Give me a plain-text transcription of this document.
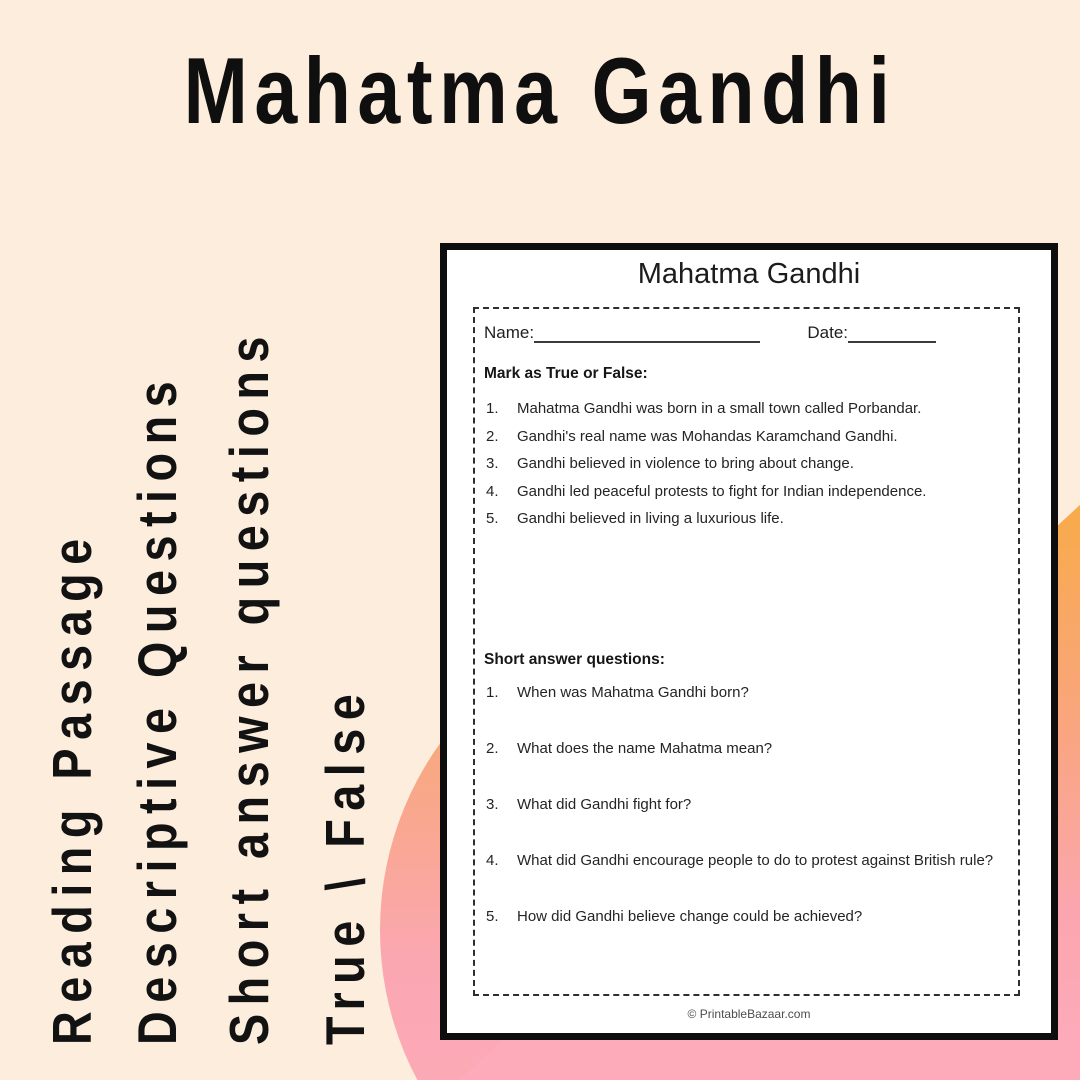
Mahatma Gandhi
Reading Passage Descriptive Questions Short answer questions True \ False
Mahatma Gandhi
Name:	Date:
Mark as True or False:
1.	Mahatma Gandhi was born in a small town called Porbandar.
2.	Gandhi's real name was Mohandas Karamchand Gandhi.
3.	Gandhi believed in violence to bring about change.
4.	Gandhi led peaceful protests to fight for Indian independence.
5.	Gandhi believed in living a luxurious life.
Short answer questions:
1.	When was Mahatma Gandhi born?
2.	What does the name Mahatma mean?
3.	What did Gandhi fight for?
4.	What did Gandhi encourage people to do to protest against British rule?
5.	How did Gandhi believe change could be achieved?
© PrintableBazaar.com
